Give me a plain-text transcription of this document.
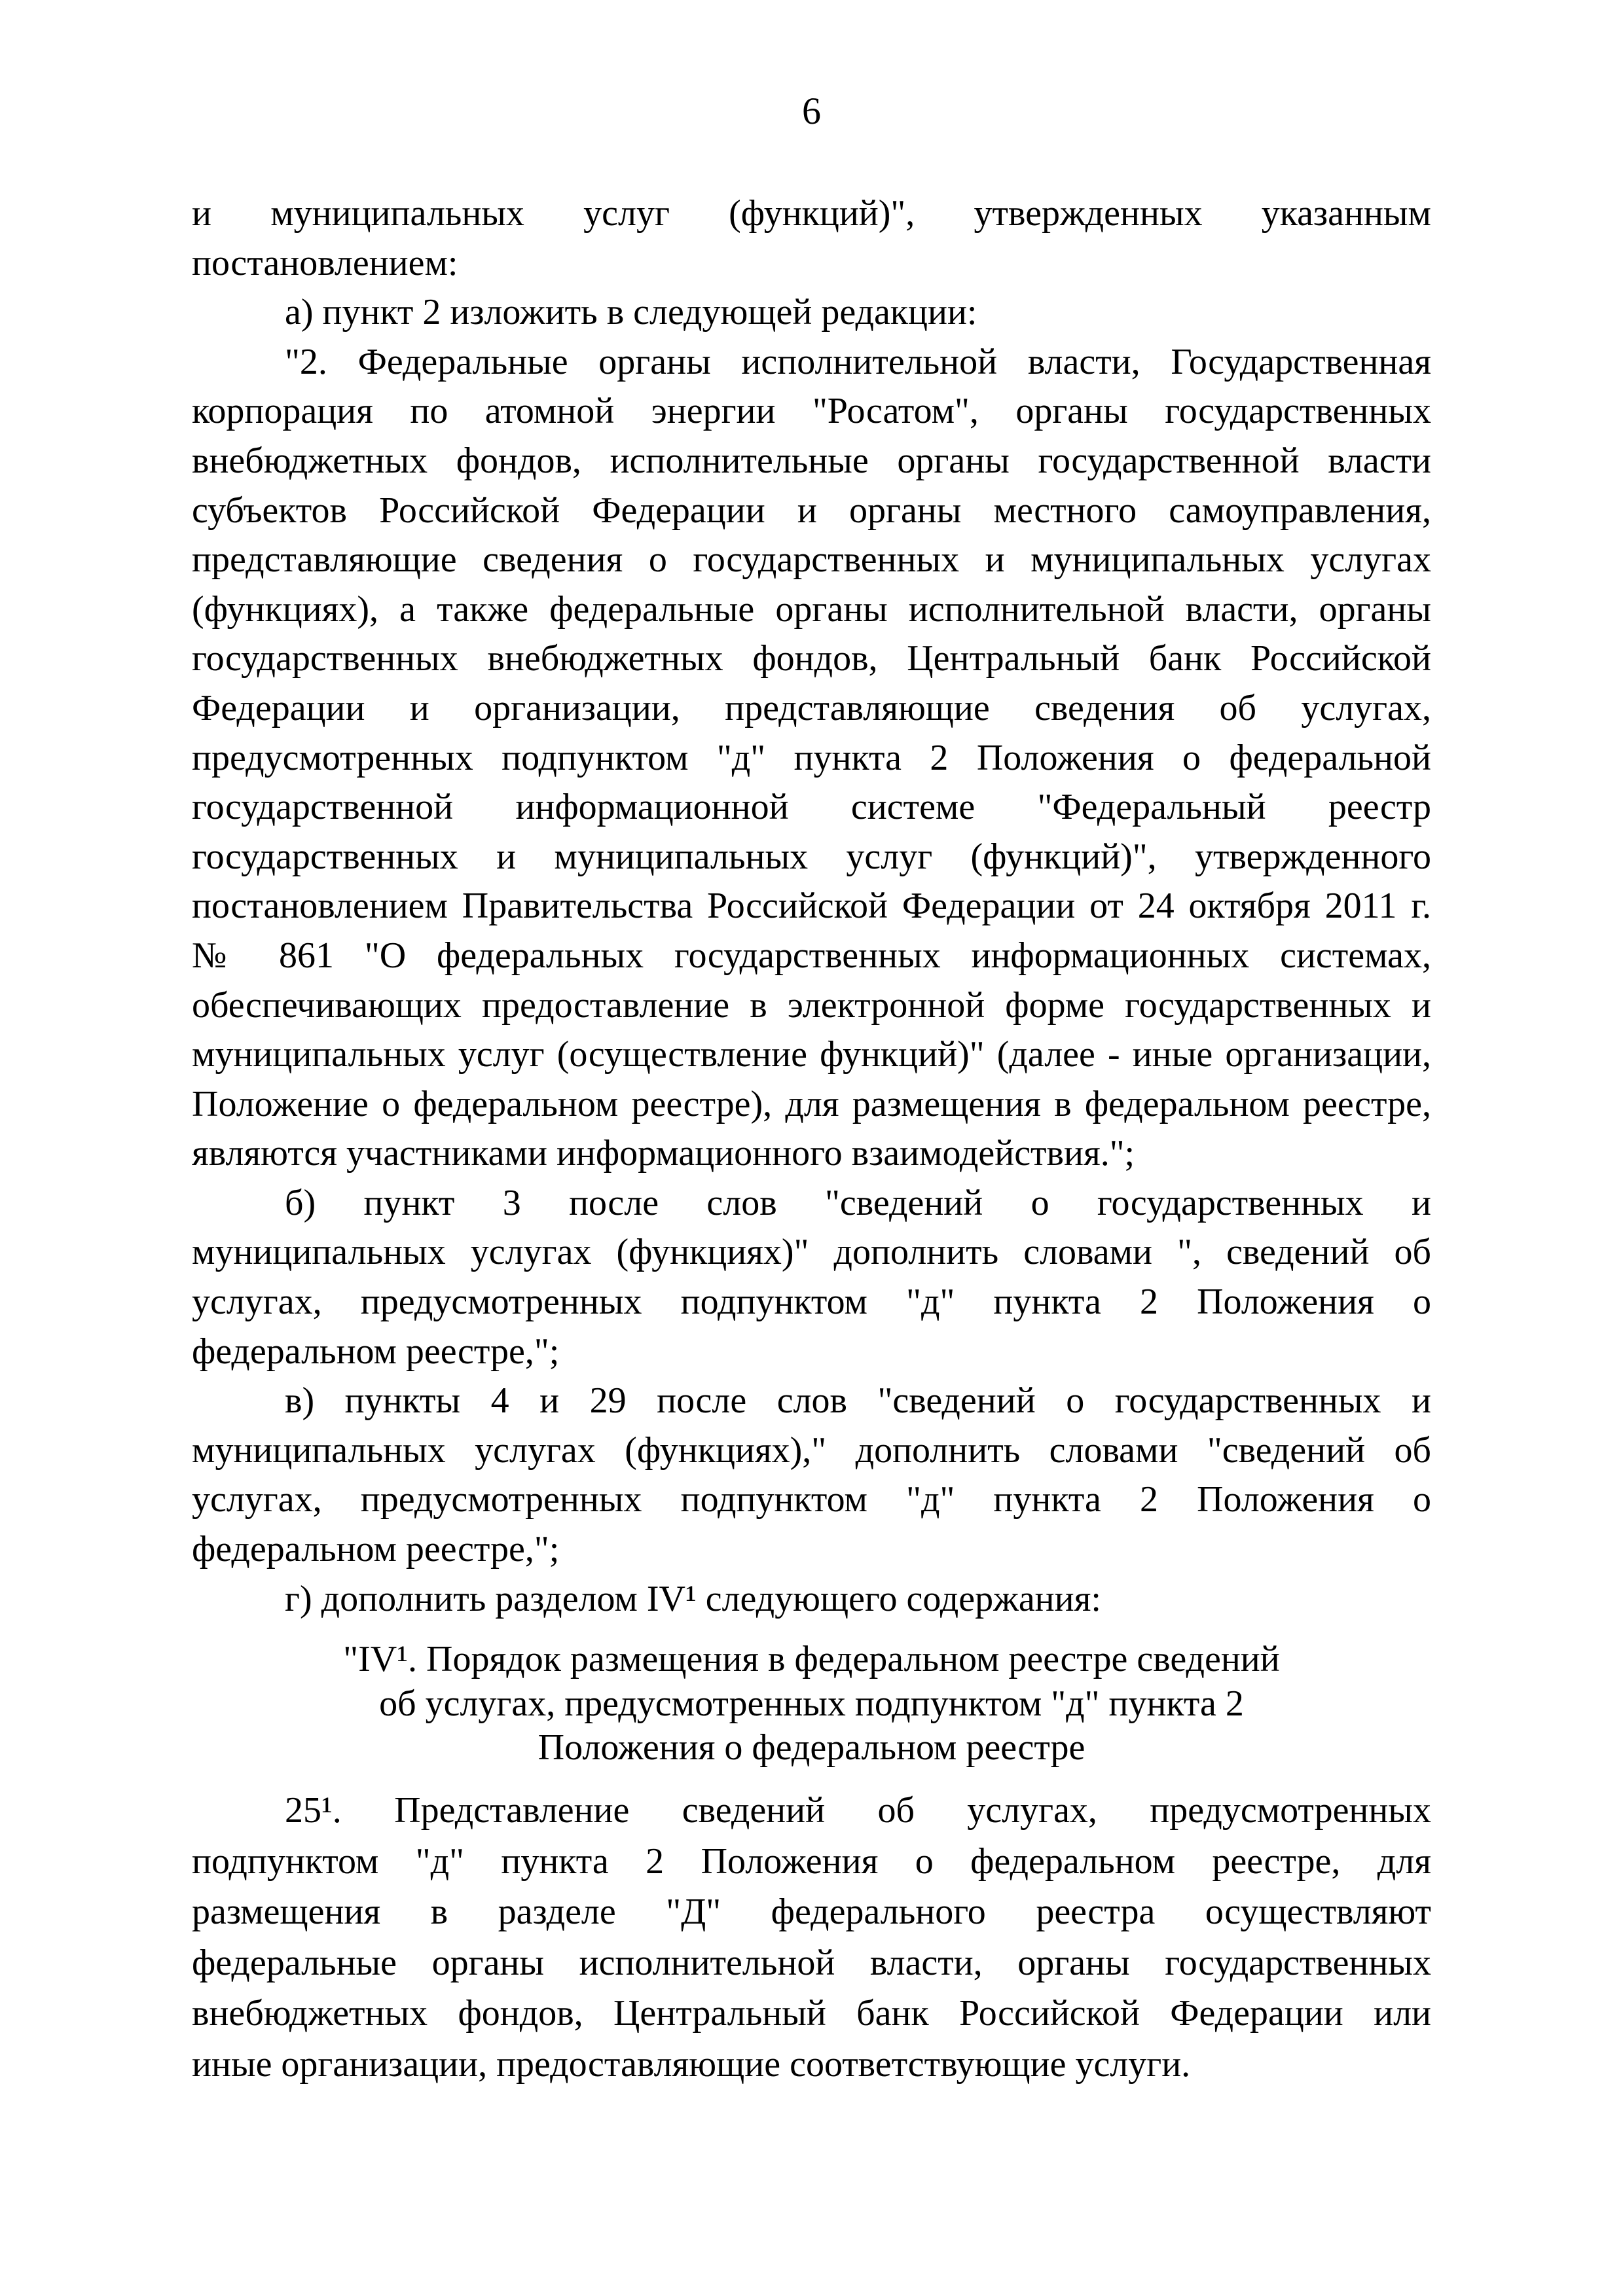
6
и муниципальных услуг (функций)", утвержденных указанным
постановлением:
а) пункт 2 изложить в следующей редакции:
"2. Федеральные органы исполнительной власти, Государственная
корпорация по атомной энергии "Росатом", органы государственных
внебюджетных фондов, исполнительные органы государственной власти
субъектов Российской Федерации и органы местного самоуправления,
представляющие сведения о государственных и муниципальных услугах
(функциях), а также федеральные органы исполнительной власти, органы
государственных внебюджетных фондов, Центральный банк Российской
Федерации и организации, представляющие сведения об услугах,
предусмотренных подпунктом "д" пункта 2 Положения о федеральной
государственной информационной системе "Федеральный реестр
государственных и муниципальных услуг (функций)", утвержденного
постановлением Правительства Российской Федерации от 24 октября 2011 г.
№ 861 "О федеральных государственных информационных системах,
обеспечивающих предоставление в электронной форме государственных и
муниципальных услуг (осуществление функций)" (далее - иные организации,
Положение о федеральном реестре), для размещения в федеральном реестре,
являются участниками информационного взаимодействия.";
б) пункт 3 после слов "сведений о государственных и
муниципальных услугах (функциях)" дополнить словами ", сведений об
услугах, предусмотренных подпунктом "д" пункта 2 Положения о
федеральном реестре,";
в) пункты 4 и 29 после слов "сведений о государственных и
муниципальных услугах (функциях)," дополнить словами "сведений об
услугах, предусмотренных подпунктом "д" пункта 2 Положения о
федеральном реестре,";
г) дополнить разделом IV¹ следующего содержания:
"IV¹. Порядок размещения в федеральном реестре сведений
об услугах, предусмотренных подпунктом "д" пункта 2
Положения о федеральном реестре
25¹. Представление сведений об услугах, предусмотренных
подпунктом "д" пункта 2 Положения о федеральном реестре, для
размещения в разделе "Д" федерального реестра осуществляют
федеральные органы исполнительной власти, органы государственных
внебюджетных фондов, Центральный банк Российской Федерации или
иные организации, предоставляющие соответствующие услуги.
